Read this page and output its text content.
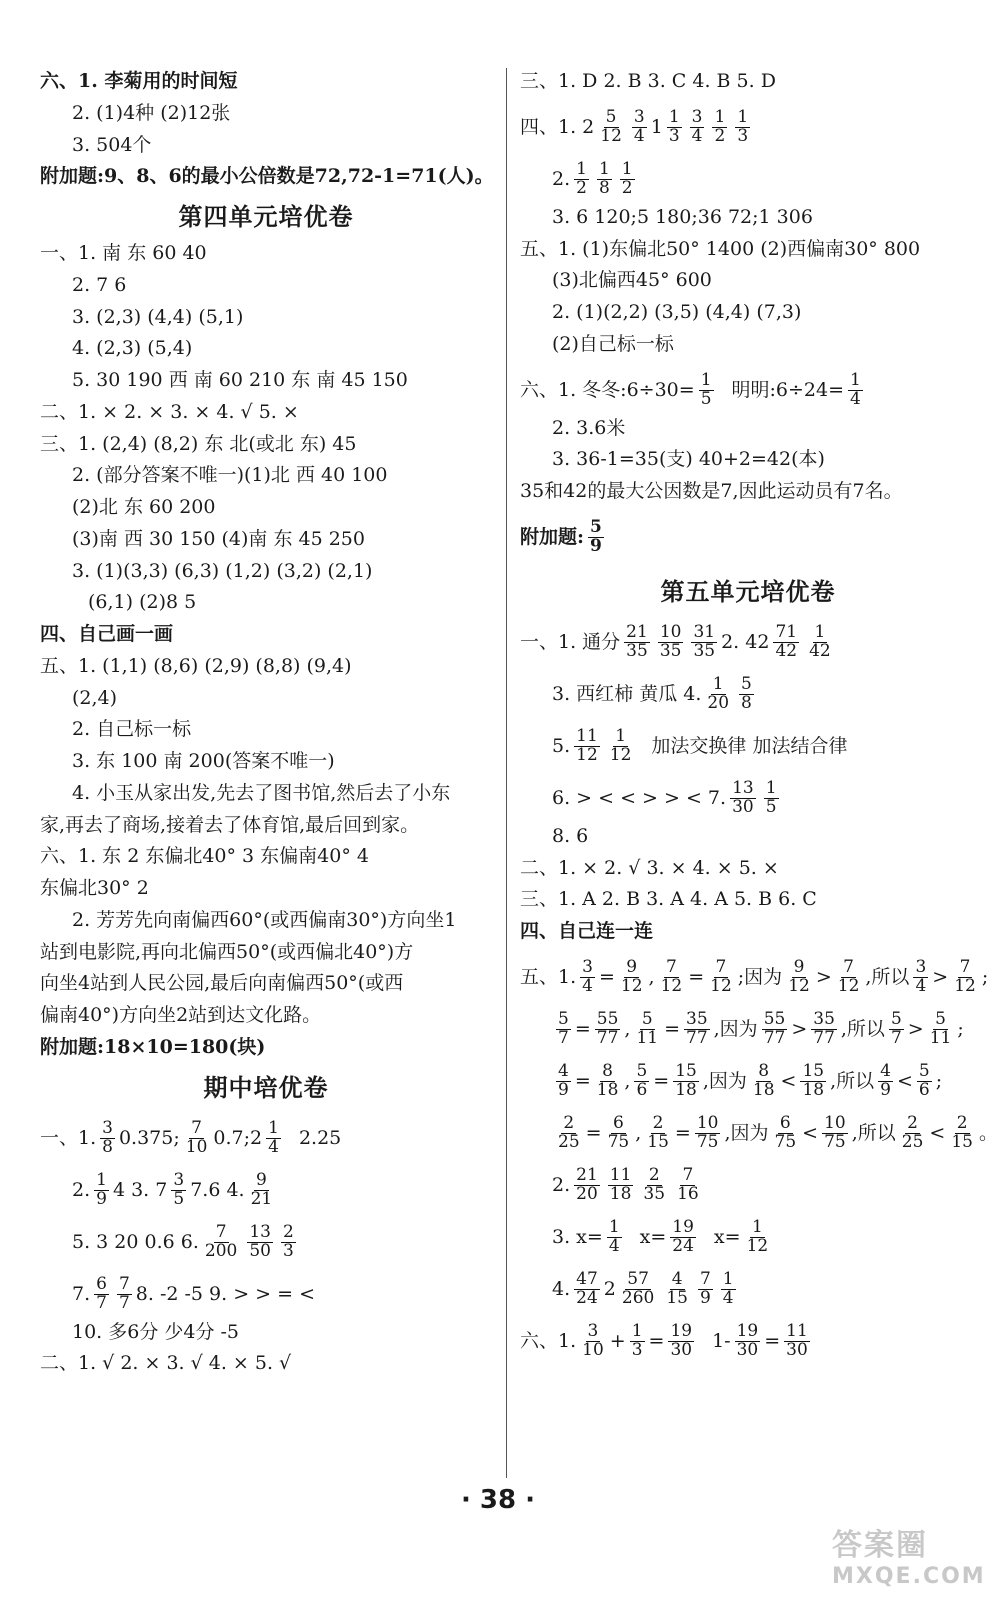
六、1. 李菊用的时间短
2. (1)4种 (2)12张
3. 504个
附加题:9、8、6的最小公倍数是72,72-1=71(人)。
第四单元培优卷
一、1. 南 东 60 40
2. 7 6
3. (2,3) (4,4) (5,1)
4. (2,3) (5,4)
5. 30 190 西 南 60 210 东 南 45 150
二、1. × 2. × 3. × 4. √ 5. ×
三、1. (2,4) (8,2) 东 北(或北 东) 45
2. (部分答案不唯一)(1)北 西 40 100
(2)北 东 60 200
(3)南 西 30 150 (4)南 东 45 250
3. (1)(3,3) (6,3) (1,2) (3,2) (2,1)
(6,1) (2)8 5
四、自己画一画
五、1. (1,1) (8,6) (2,9) (8,8) (9,4)
(2,4)
2. 自己标一标
3. 东 100 南 200(答案不唯一)
4. 小玉从家出发,先去了图书馆,然后去了小东
家,再去了商场,接着去了体育馆,最后回到家。
六、1. 东 2 东偏北40° 3 东偏南40° 4
东偏北30° 2
2. 芳芳先向南偏西60°(或西偏南30°)方向坐1
站到电影院,再向北偏西50°(或西偏北40°)方
向坐4站到人民公园,最后向南偏西50°(或西
偏南40°)方向坐2站到达文化路。
附加题:18×10=180(块)
期中培优卷
一、1. $\frac{3}{8} 0.375$; $\frac{7}{10}$ 0.7;2 $\frac{1}{4} 2.25$
2. $\frac{1}{9} 4$ 3. $7 \frac{3}{5} 7.6$ 4. $\frac{9}{21}$
5. 3 20 0.6 6. $\frac{7}{200} \frac{13}{50} \frac{2}{3}$
7. $\frac{6}{7} \frac{7}{7} 8$. -2 -5 9. > > = <
10. 多6分 少4分 -5
二、1. √ 2. × 3. √ 4. × 5. √
三、1. D 2. B 3. C 4. B 5. D
四、1. $2 \frac{5}{12} \frac{3}{4} 1 \frac{1}{3} \frac{3}{4} \frac{1}{2} \frac{1}{3}$
2. $\frac{1}{2} \frac{1}{8} \frac{1}{2}$
3. 6 120;5 180;36 72;1 306
五、1. (1)东偏北50° 1400 (2)西偏南30° 800
(3)北偏西45° 600
2. (1)(2,2) (3,5) (4,4) (7,3)
(2)自己标一标
六、1. 冬冬:6÷30= $\frac{1}{5}$ 明明:6÷24= $\frac{1}{4}$
2. 3.6米
3. 36-1=35(支) 40+2=42(本)
35和42的最大公因数是7,因此运动员有7名。
附加题: $\frac{5}{9}$
第五单元培优卷
一、1. 通分 $\frac{21}{35} \frac{10}{35} \frac{31}{35} 2$. $42 \frac{71}{42} \frac{1}{42}$
3. 西红柿 黄瓜 4. $\frac{1}{20} \frac{5}{8}$
5. $\frac{11}{12} \frac{1}{12}$ 加法交换律 加法结合律
6. > < < > > < 7. $\frac{13}{30} \frac{1}{5}$
8. 6
二、1. × 2. √ 3. × 4. × 5. ×
三、1. A 2. B 3. A 4. A 5. B 6. C
四、自己连一连
五、1. $\frac{3}{4} = \frac{9}{12}$ , $\frac{7}{12} = \frac{7}{12}$ ;因为 $\frac{9}{12} > \frac{7}{12}$ ,所以 $\frac{3}{4} > \frac{7}{12}$ ;
$\frac{5}{7} = \frac{55}{77}$ , $\frac{5}{11} = \frac{35}{77}$ ,因为 $\frac{55}{77} > \frac{35}{77}$ ,所以 $\frac{5}{7} > \frac{5}{11}$ ;
$\frac{4}{9} = \frac{8}{18}$ , $\frac{5}{6} = \frac{15}{18}$ ,因为 $\frac{8}{18} < \frac{15}{18}$ ,所以 $\frac{4}{9} < \frac{5}{6}$ ;
$\frac{2}{25} = \frac{6}{75}$ , $\frac{2}{15} = \frac{10}{75}$ ,因为 $\frac{6}{75} < \frac{10}{75}$ ,所以 $\frac{2}{25} < \frac{2}{15}$ 。
2. $\frac{21}{20} \frac{11}{18} \frac{2}{35} \frac{7}{16}$
3. $x= \frac{1}{4} x= \frac{19}{24} x= \frac{1}{12}$
4. $\frac{47}{24} 2 \frac{57}{260} \frac{4}{15} \frac{7}{9} \frac{1}{4}$
六、1. $\frac{3}{10} + \frac{1}{3} = \frac{19}{30} 1- \frac{19}{30} = \frac{11}{30}$
· 38 ·
答案圈
MXQE.COM
